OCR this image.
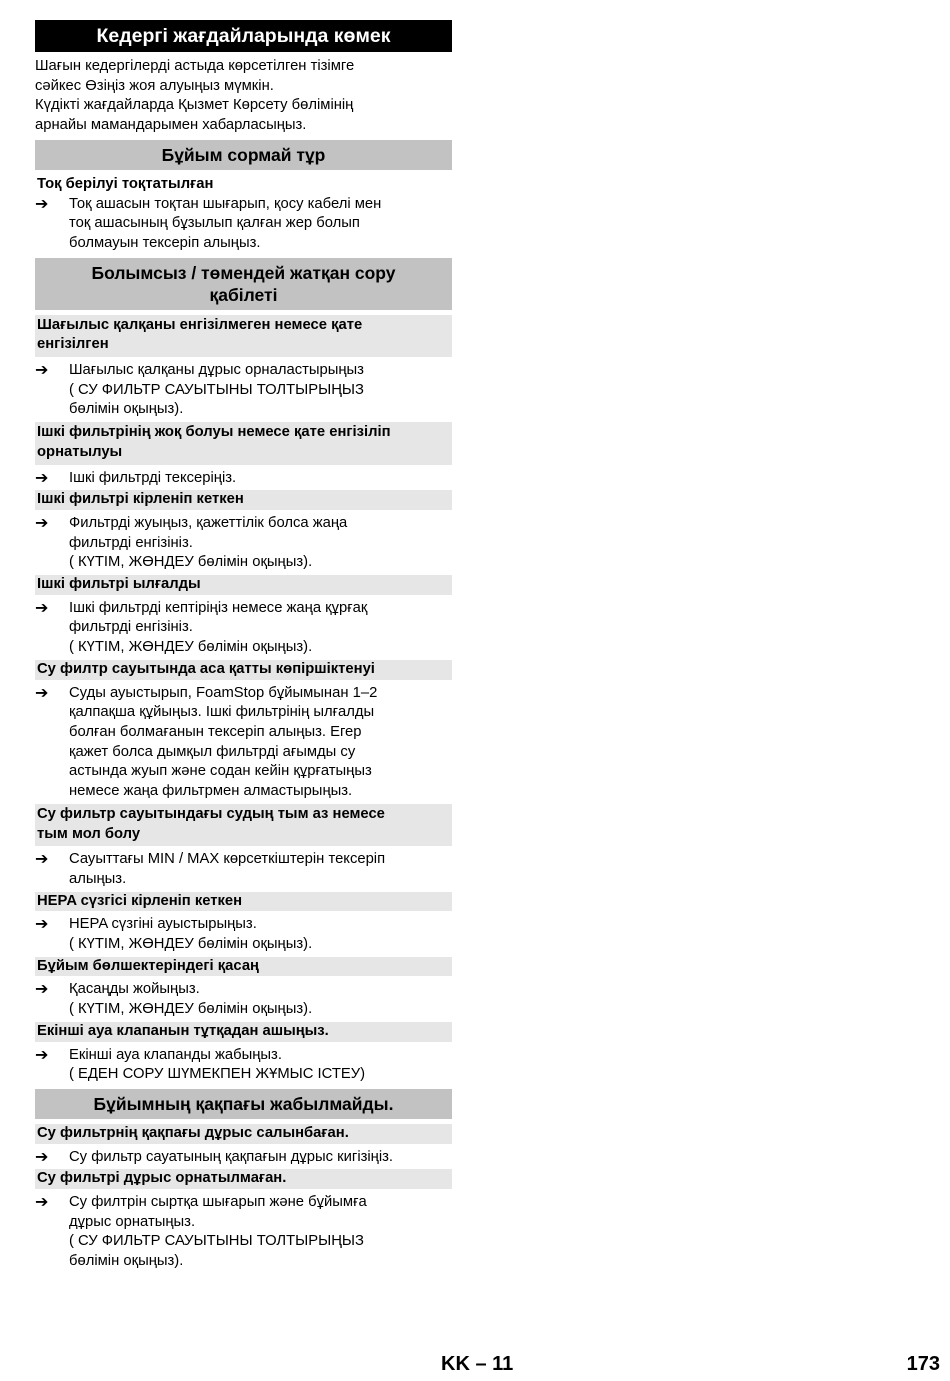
Кедергі жағдайларында көмек
Шағын кедергілерді астыда көрсетілген тізімге
сәйкес Өзіңіз жоя алуыңыз мүмкін.
Күдікті жағдайларда Қызмет Көрсету бөлімінің
арнайы мамандарымен хабарласыңыз.
Бұйым сормай тұр
Тоқ берілуі тоқтатылған
➔	Тоқ ашасын тоқтан шығарып, қосу кабелі мен
тоқ ашасының бұзылып қалған жер болып
болмауын тексеріп алыңыз.
Болымсыз / төмендей жатқан сору
қабілеті
Шағылыс қалқаны енгізілмеген немесе қате
енгізілген
➔	Шағылыс қалқаны дұрыс орналастырыңыз
( СУ ФИЛЬТР САУЫТЫНЫ ТОЛТЫРЫҢЫЗ
бөлімін оқыңыз).
Ішкі фильтрінің жоқ болуы немесе қате енгізіліп
орнатылуы
➔	Ішкі фильтрді тексеріңіз.
Ішкі фильтрі кірленіп кеткен
➔	Фильтрді жуыңыз, қажеттілік болса жаңа
фильтрді енгізініз.
( КҮТІМ, ЖӨНДЕУ бөлімін оқыңыз).
Ішкі фильтрі ылғалды
➔	Ішкі фильтрді кептіріңіз немесе жаңа құрғақ
фильтрді енгізініз.
( КҮТІМ, ЖӨНДЕУ бөлімін оқыңыз).
Су филтр сауытында аса қатты көпіршіктенуі
➔	Суды ауыстырып, FoamStop бұйымынан 1–2
қалпақша құйыңыз. Ішкі фильтрінің ылғалды
болған болмағанын тексеріп алыңыз. Егер
қажет болса дымқыл фильтрді ағымды су
астында жуып және содан кейін құрғатыңыз
немесе жаңа фильтрмен алмастырыңыз.
Су фильтр сауытындағы судың тым аз немесе
тым мол болу
➔	Сауыттағы MIN / MAX көрсеткіштерін тексеріп
алыңыз.
HEPA сүзгісі кірленіп кеткен
➔	HEPA сүзгіні ауыстырыңыз.
( КҮТІМ, ЖӨНДЕУ бөлімін оқыңыз).
Бұйым бөлшектеріндегі қасаң
➔	Қасаңды жойыңыз.
( КҮТІМ, ЖӨНДЕУ бөлімін оқыңыз).
Екінші ауа клапанын тұтқадан ашыңыз.
➔	Екінші ауа клапанды жабыңыз.
( ЕДЕН СОРУ ШҮМЕКПЕН ЖҰМЫС ІСТЕУ)
Бұйымның қақпағы жабылмайды.
Су фильтрнің қақпағы дұрыс салынбаған.
➔	Су фильтр сауатының қақпағын дұрыс кигізіңіз.
Су фильтрі дұрыс орнатылмаған.
➔	Су филтрін сыртқа шығарып және бұйымға
дұрыс орнатыңыз.
( СУ ФИЛЬТР САУЫТЫНЫ ТОЛТЫРЫҢЫЗ
бөлімін оқыңыз).
KK – 11	173
